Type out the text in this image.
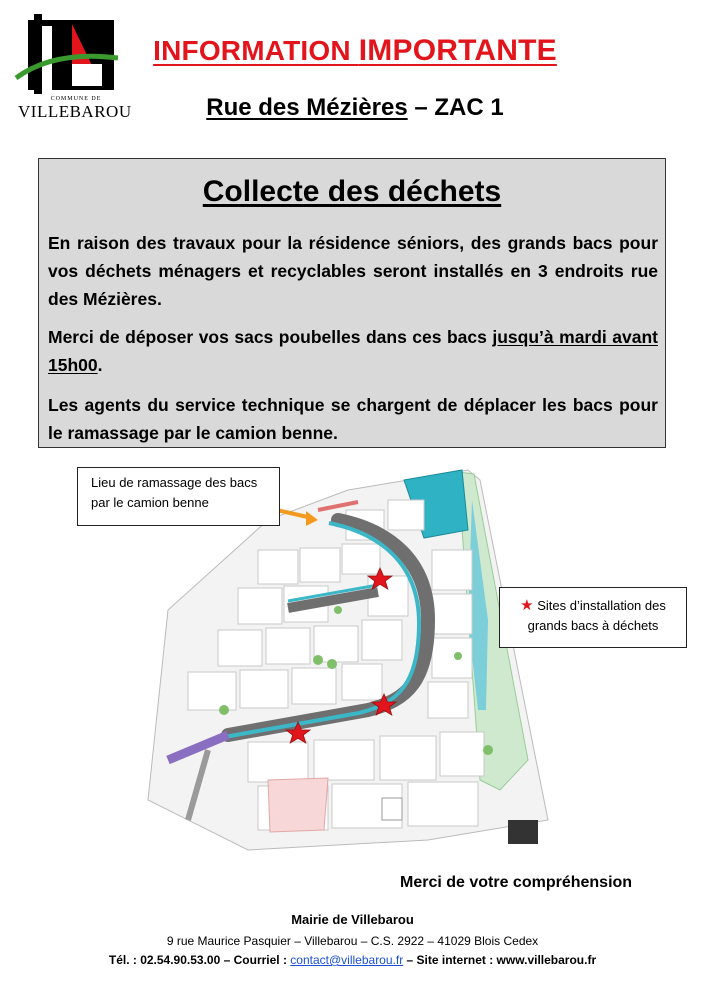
COMMUNE DE
VILLEBAROU
INFORMATION IMPORTANTE
Rue des Mézières – ZAC 1
Collecte des déchets
En raison des travaux pour la résidence séniors, des grands bacs pour vos déchets ménagers et recyclables seront installés en 3 endroits rue des Mézières.
Merci de déposer vos sacs poubelles dans ces bacs jusqu’à mardi avant 15h00.
Les agents du service technique se chargent de déplacer les bacs pour le ramassage par le camion benne.
Lieu de ramassage des bacs par le camion benne
★ Sites d’installation des grands bacs à déchets
Merci de votre compréhension
Mairie de Villebarou
9 rue Maurice Pasquier – Villebarou – C.S. 2922 – 41029 Blois Cedex
Tél. : 02.54.90.53.00 – Courriel : contact@villebarou.fr – Site internet : www.villebarou.fr
